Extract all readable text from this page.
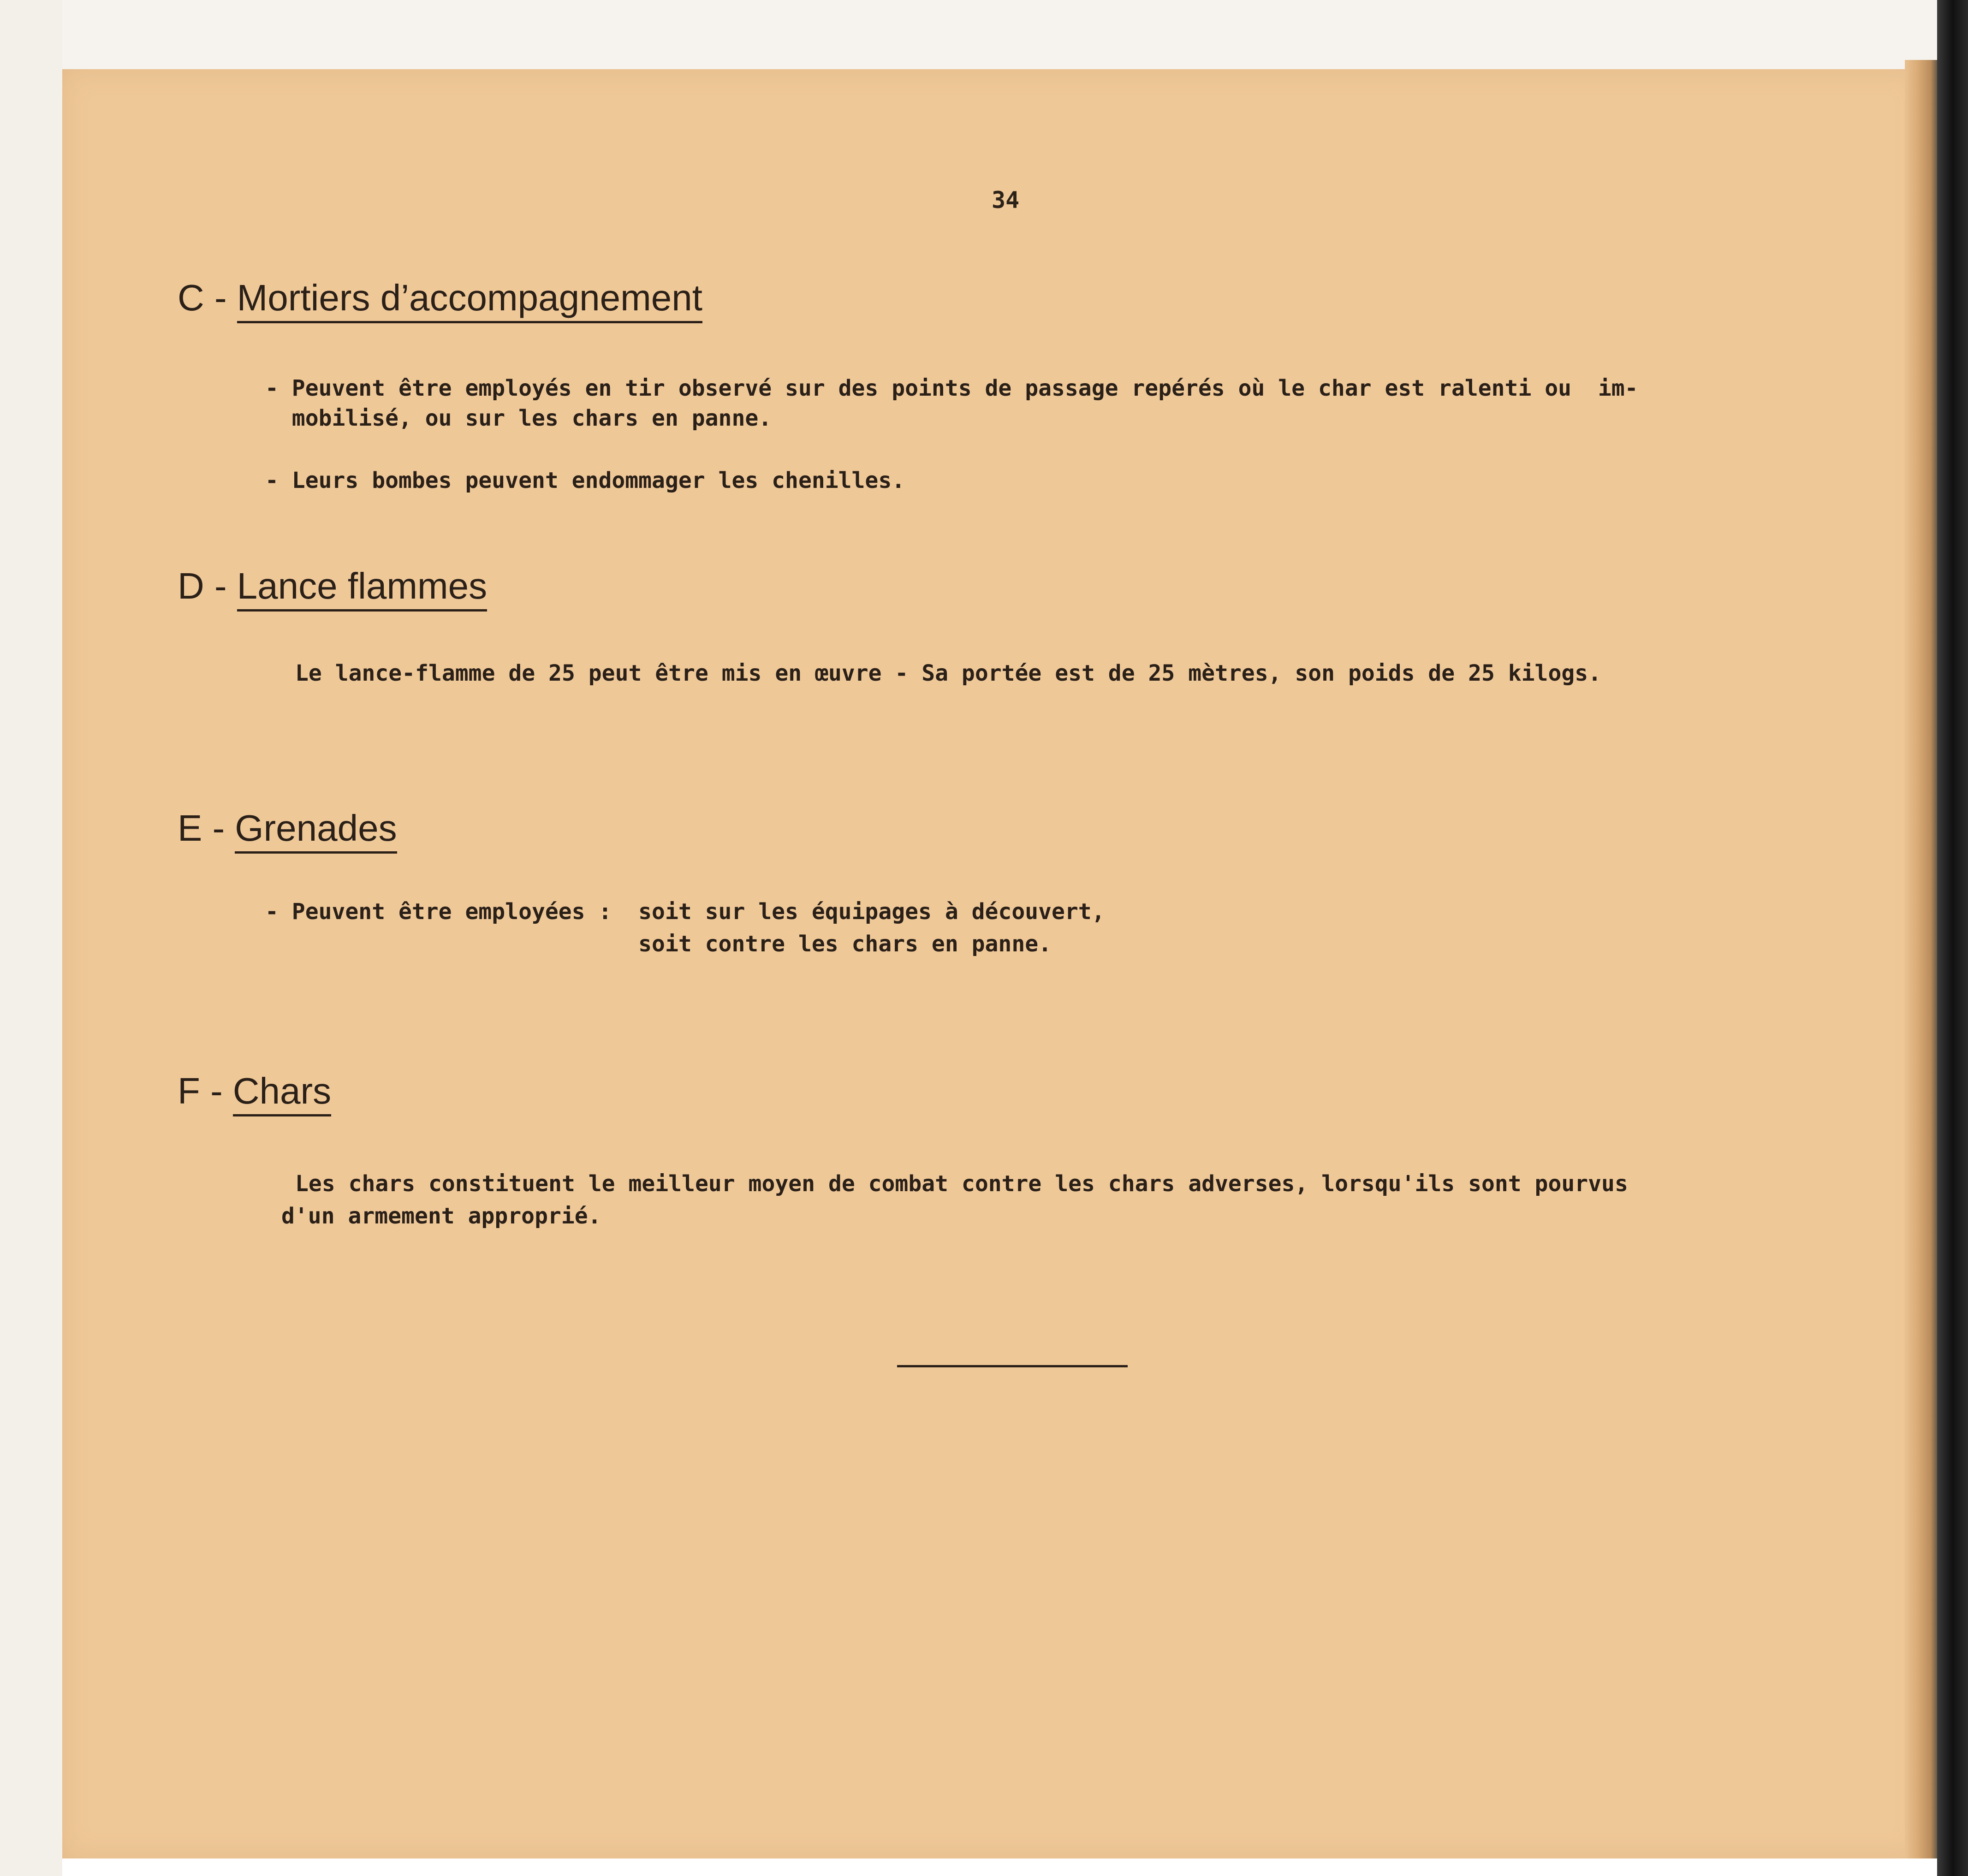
34
C - Mortiers d’accompagnement
- Peuvent être employés en tir observé sur des points de passage repérés où le char est ralenti ou  im-
mobilisé, ou sur les chars en panne.
- Leurs bombes peuvent endommager les chenilles.
D - Lance flammes
Le lance-flamme de 25 peut être mis en œuvre - Sa portée est de 25 mètres, son poids de 25 kilogs.
E - Grenades
- Peuvent être employées :  soit sur les équipages à découvert,
soit contre les chars en panne.
F - Chars
Les chars constituent le meilleur moyen de combat contre les chars adverses, lorsqu'ils sont pourvus
d'un armement approprié.
